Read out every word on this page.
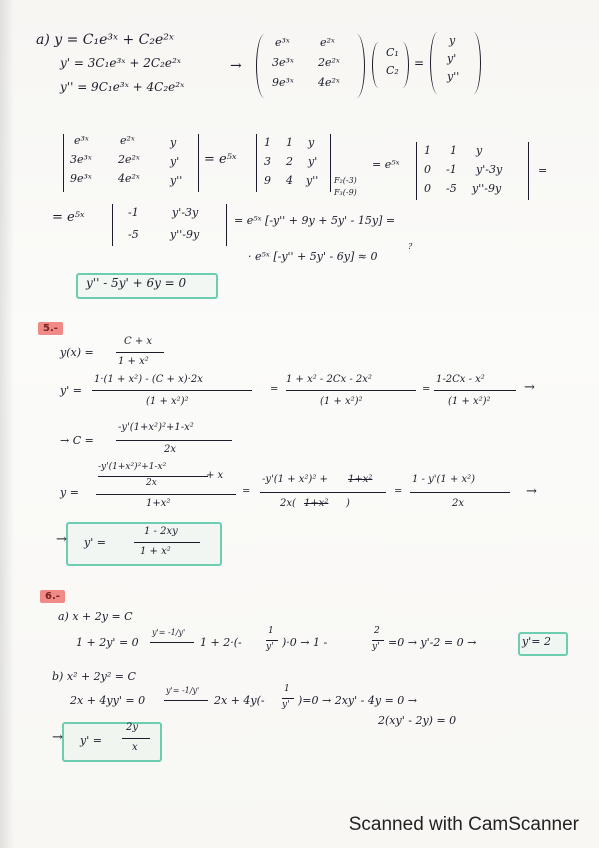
a) y = C₁e³ˣ + C₂e²ˣ
y' = 3C₁e³ˣ + 2C₂e²ˣ
y'' = 9C₁e³ˣ + 4C₂e²ˣ
→
e³ˣ	e²ˣ
3e³ˣ 2e²ˣ
9e³ˣ 4e²ˣ
C₁
C₂
=
y
y'
y''
e³ˣ	e²ˣ	y
3e³ˣ 2e²ˣ	y'
9e³ˣ 4e²ˣ	y''
= e⁵ˣ
1 1 y
3 2 y'
9 4 y'' F₂(-3)
F₃(-9)
= e⁵ˣ
1 1 y
0 -1 y'-3y
0 -5 y''-9y
=
= e⁵ˣ	-1	y'-3y
-5	y''-9y
= e⁵ˣ [-y'' + 9y + 5y' - 15y] =
· e⁵ˣ [-y'' + 5y' - 6y] ≈ 0
?
y'' - 5y' + 6y = 0
5.-
y(x) =
C + x
1 + x²
y' =
1·(1 + x²) - (C + x)·2x
(1 + x²)²
=
1 + x² - 2Cx - 2x²
(1 + x²)²
=
1-2Cx - x²
(1 + x²)²
→
→ C =
-y'(1+x²)²+1-x²
2x
y =
-y'(1+x²)²+1-x²
2x
+ x
1+x²
=
-y'(1 + x²)² + 1+x²
2x( 1+x² )
=
1 - y'(1 + x²)
2x
→
→ y' =
1 - 2xy
1 + x²
6.-
a) x + 2y = C
1 + 2y' = 0
y'= -1/y'
1 + 2·(-
1
y' )·0 → 1 -
2
y' =0 → y'-2 = 0 →	y'= 2
b) x² + 2y² = C
2x + 4yy' = 0
y'= -1/y'
2x + 4y(-
1
y' )=0 → 2xy' - 4y = 0 →
2(xy' - 2y) = 0
→ y' =
2y
x
Scanned with CamScanner
